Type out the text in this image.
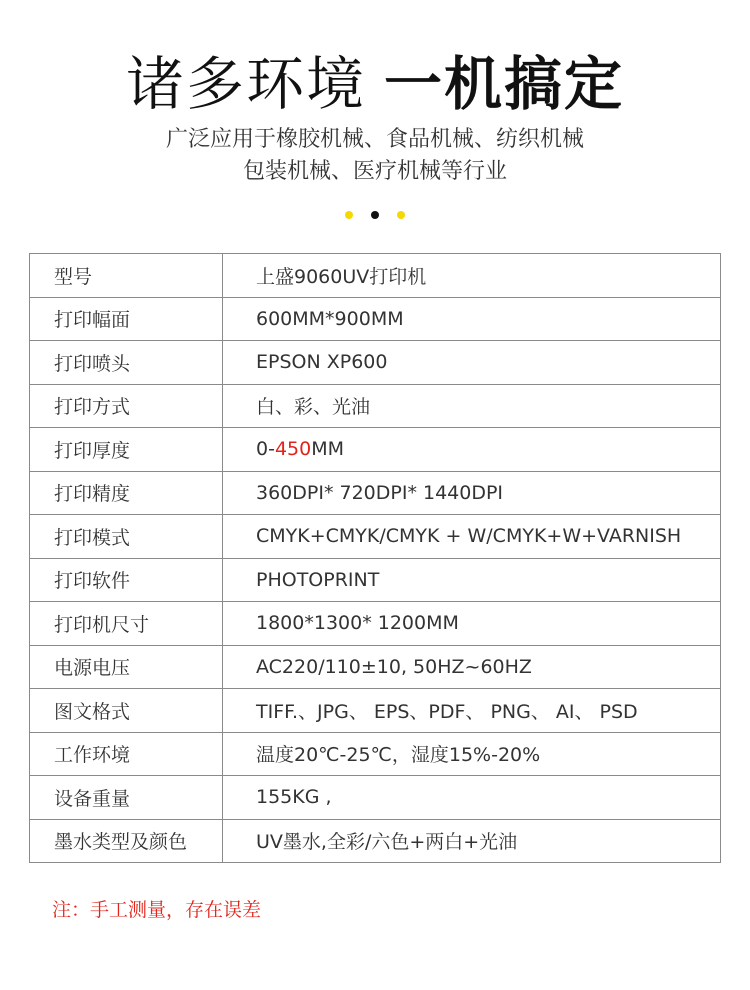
诸多环境 一机搞定
广泛应用于橡胶机械、食品机械、纺织机械
包装机械、医疗机械等行业
型号	上盛9060UV打印机
打印幅面	600MM*900MM
打印喷头	EPSON XP600
打印方式	白、彩、光油
打印厚度	0-450MM
打印精度	360DPI* 720DPI* 1440DPI
打印模式	CMYK+CMYK/CMYK + W/CMYK+W+VARNISH
打印软件	PHOTOPRINT
打印机尺寸	1800*1300* 1200MM
电源电压	AC220/110±10, 50HZ~60HZ
图文格式	TIFF.、JPG、 EPS、PDF、 PNG、 AI、 PSD
工作环境	温度20℃-25℃，湿度15%-20%
设备重量	155KG ,
墨水类型及颜色	UV墨水,全彩/六色+两白+光油
注：手工测量，存在误差
